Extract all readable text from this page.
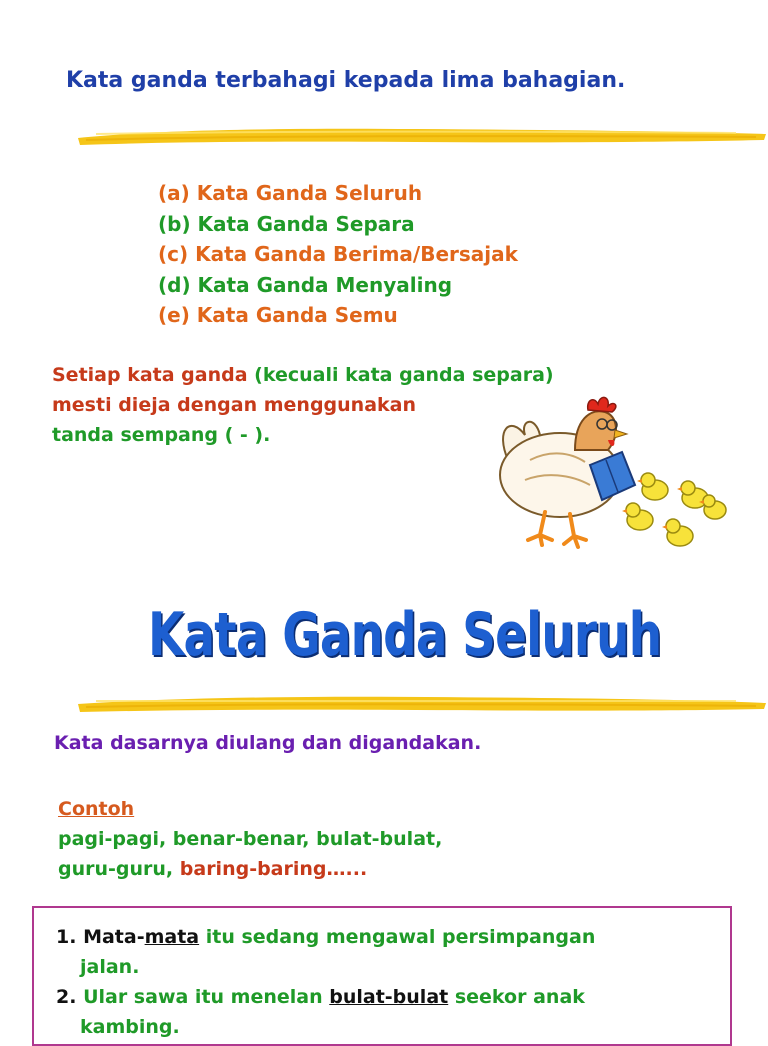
Kata ganda terbahagi kepada lima bahagian.
(a) Kata Ganda Seluruh
(b) Kata Ganda Separa
(c) Kata Ganda Berima/Bersajak
(d) Kata Ganda Menyaling
(e) Kata Ganda Semu
Setiap kata ganda (kecuali kata ganda separa)
mesti dieja dengan menggunakan
tanda sempang ( - ).
Kata Ganda Seluruh
Kata dasarnya diulang dan digandakan.
Contoh
pagi-pagi, benar-benar, bulat-bulat,
guru-guru, baring-baring…...
1. Mata-mata itu sedang mengawal persimpangan
jalan.
2. Ular sawa itu menelan bulat-bulat seekor anak
kambing.
